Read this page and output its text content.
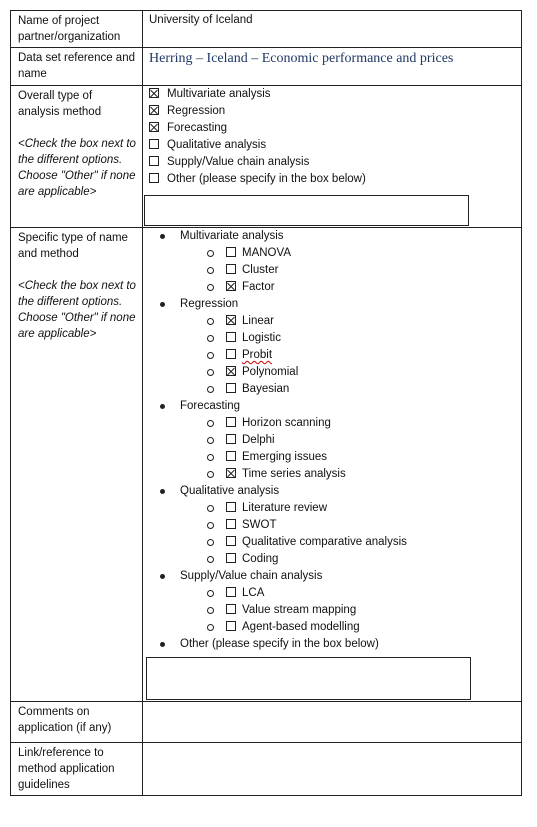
Name of project partner/organization
University of Iceland
Data set reference and name
Herring – Iceland – Economic performance and prices
Overall type of analysis method
<Check the box next to the different options. Choose "Other" if none are applicable>
Multivariate analysis
Regression
Forecasting
Qualitative analysis
Supply/Value chain analysis
Other (please specify in the box below)
Specific type of name and method
<Check the box next to the different options. Choose "Other" if none are applicable>
Comments on application (if any)
Link/reference to method application guidelines
Multivariate analysis
MANOVA
Cluster
Factor
Regression
Linear
Logistic
Probit
Polynomial
Bayesian
Forecasting
Horizon scanning
Delphi
Emerging issues
Time series analysis
Qualitative analysis
Literature review
SWOT
Qualitative comparative analysis
Coding
Supply/Value chain analysis
LCA
Value stream mapping
Agent-based modelling
Other (please specify in the box below)
